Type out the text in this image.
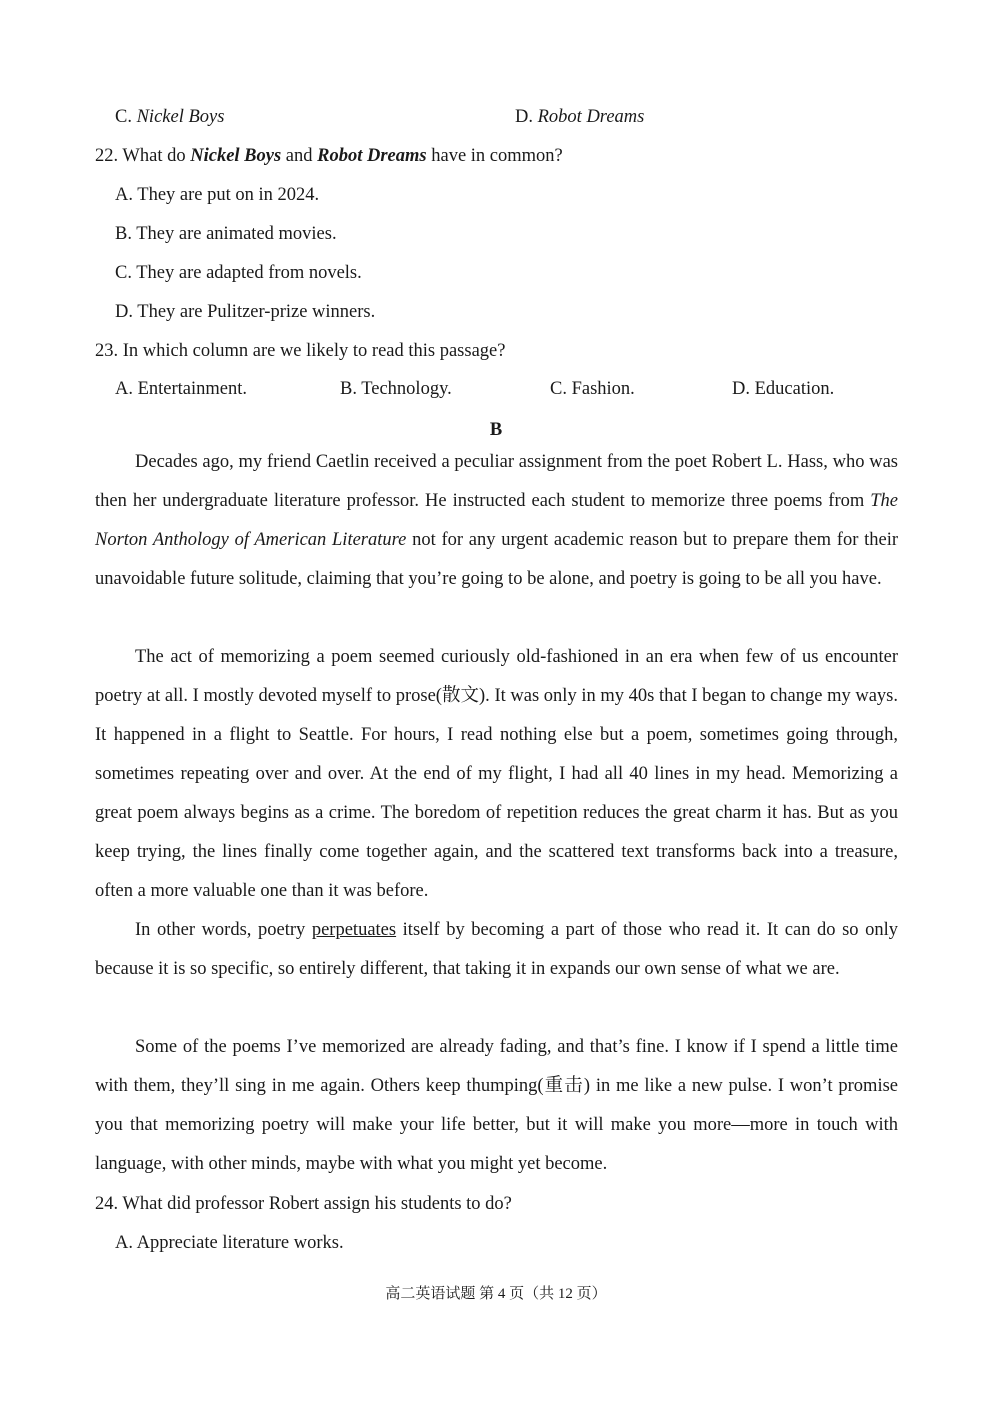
C. Nickel Boys	D. Robot Dreams
22. What do Nickel Boys and Robot Dreams have in common?
A. They are put on in 2024.
B. They are animated movies.
C. They are adapted from novels.
D. They are Pulitzer-prize winners.
23. In which column are we likely to read this passage?
A. Entertainment.	B. Technology.	C. Fashion.	D. Education.
B

Decades ago, my friend Caetlin received a peculiar assignment from the poet Robert L. Hass, who was then her undergraduate literature professor. He instructed each student to memorize three poems from The Norton Anthology of American Literature not for any urgent academic reason but to prepare them for their unavoidable future solitude, claiming that you’re going to be alone, and poetry is going to be all you have.

The act of memorizing a poem seemed curiously old-fashioned in an era when few of us encounter poetry at all. I mostly devoted myself to prose(散文). It was only in my 40s that I began to change my ways. It happened in a flight to Seattle. For hours, I read nothing else but a poem, sometimes going through, sometimes repeating over and over. At the end of my flight, I had all 40 lines in my head. Memorizing a great poem always begins as a crime. The boredom of repetition reduces the great charm it has. But as you keep trying, the lines finally come together again, and the scattered text transforms back into a treasure, often a more valuable one than it was before.

In other words, poetry perpetuates itself by becoming a part of those who read it. It can do so only because it is so specific, so entirely different, that taking it in expands our own sense of what we are.

Some of the poems I’ve memorized are already fading, and that’s fine. I know if I spend a little time with them, they’ll sing in me again. Others keep thumping(重击) in me like a new pulse. I won’t promise you that memorizing poetry will make your life better, but it will make you more—more in touch with language, with other minds, maybe with what you might yet become.

24. What did professor Robert assign his students to do?
A. Appreciate literature works.
高二英语试题 第 4 页（共 12 页）
